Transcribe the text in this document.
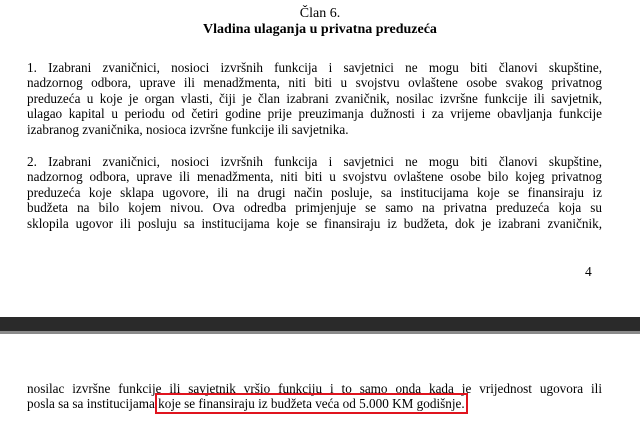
Član 6.
Vladina ulaganja u privatna preduzeća
1. Izabrani zvaničnici, nosioci izvršnih funkcija i savjetnici ne mogu biti članovi skupštine,
nadzornog odbora, uprave ili menadžmenta, niti biti u svojstvu ovlaštene osobe svakog privatnog
preduzeća u koje je organ vlasti, čiji je član izabrani zvaničnik, nosilac izvršne funkcije ili savjetnik,
ulagao kapital u periodu od četiri godine prije preuzimanja dužnosti i za vrijeme obavljanja funkcije
izabranog zvaničnika, nosioca izvršne funkcije ili savjetnika.
2. Izabrani zvaničnici, nosioci izvršnih funkcija i savjetnici ne mogu biti članovi skupštine,
nadzornog odbora, uprave ili menadžmenta, niti biti u svojstvu ovlaštene osobe bilo kojeg privatnog
preduzeća koje sklapa ugovore, ili na drugi način posluje, sa institucijama koje se finansiraju iz
budžeta na bilo kojem nivou. Ova odredba primjenjuje se samo na privatna preduzeća koja su
sklopila ugovor ili posluju sa institucijama koje se finansiraju iz budžeta, dok je izabrani zvaničnik,
4
nosilac izvršne funkcije ili savjetnik vršio funkciju i to samo onda kada je vrijednost ugovora ili
posla sa sa institucijama koje se finansiraju iz budžeta veća od 5.000 KM godišnje.
